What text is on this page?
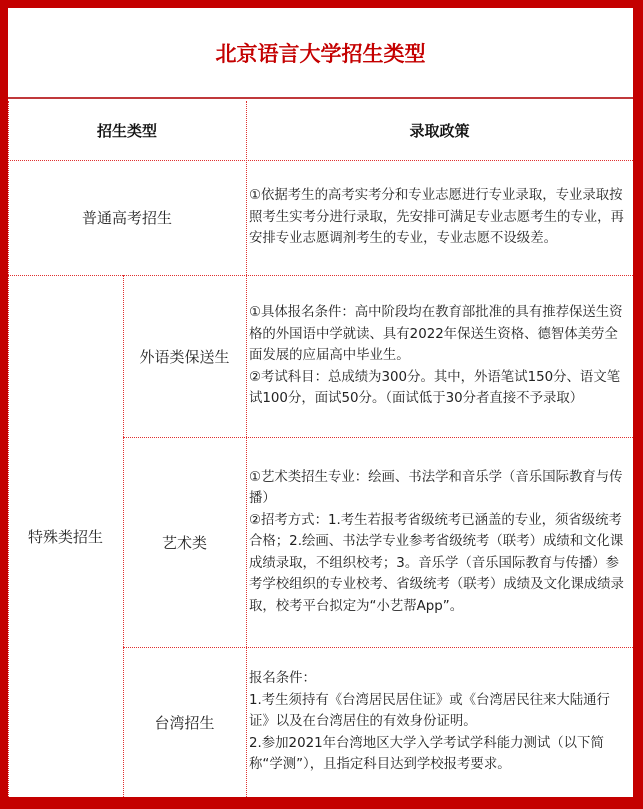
北京语言大学招生类型
招生类型	录取政策
普通高考招生
①依据考生的高考实考分和专业志愿进行专业录取，专业录取按照考生实考分进行录取，先安排可满足专业志愿考生的专业，再安排专业志愿调剂考生的专业，专业志愿不设级差。
特殊类招生
外语类保送生
①具体报名条件：高中阶段均在教育部批准的具有推荐保送生资格的外国语中学就读、具有2022年保送生资格、德智体美劳全面发展的应届高中毕业生。
②考试科目：总成绩为300分。其中，外语笔试150分、语文笔试100分，面试50分。（面试低于30分者直接不予录取）
艺术类
①艺术类招生专业：绘画、书法学和音乐学（音乐国际教育与传播）
②招考方式：1.考生若报考省级统考已涵盖的专业，须省级统考合格；2.绘画、书法学专业参考省级统考（联考）成绩和文化课成绩录取，不组织校考；3。音乐学（音乐国际教育与传播）参考学校组织的专业校考、省级统考（联考）成绩及文化课成绩录取，校考平台拟定为“小艺帮App”。
台湾招生
报名条件：
1.考生须持有《台湾居民居住证》或《台湾居民往来大陆通行证》以及在台湾居住的有效身份证明。
2.参加2021年台湾地区大学入学考试学科能力测试（以下简称“学测”），且指定科目达到学校报考要求。
